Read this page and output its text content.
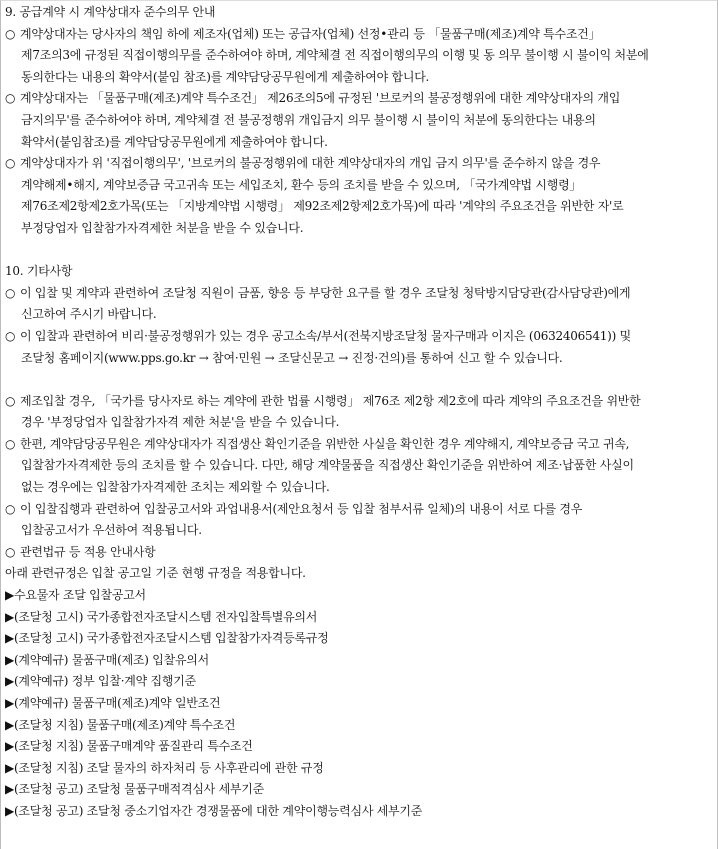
9. 공급계약 시 계약상대자 준수의무 안내
○ 계약상대자는 당사자의 책임 하에 제조자(업체) 또는 공급자(업체) 선정•관리 등 「물품구매(제조)계약 특수조건」
제7조의3에 규정된 직접이행의무를 준수하여야 하며, 계약체결 전 직접이행의무의 이행 및 동 의무 불이행 시 불이익 처분에
동의한다는 내용의 확약서(붙임 참조)를 계약담당공무원에게 제출하여야 합니다.
○ 계약상대자는 「물품구매(제조)계약 특수조건」 제26조의5에 규정된 '브로커의 불공정행위에 대한 계약상대자의 개입
금지의무'를 준수하여야 하며, 계약체결 전 불공정행위 개입금지 의무 불이행 시 불이익 처분에 동의한다는 내용의
확약서(붙임참조)를 계약담당공무원에게 제출하여야 합니다.
○ 계약상대자가 위 '직접이행의무', '브로커의 불공정행위에 대한 계약상대자의 개입 금지 의무'를 준수하지 않을 경우
계약해제•해지, 계약보증금 국고귀속 또는 세입조치, 환수 등의 조치를 받을 수 있으며, 「국가계약법 시행령」
제76조제2항제2호가목(또는 「지방계약법 시행령」 제92조제2항제2호가목)에 따라 '계약의 주요조건을 위반한 자'로
부정당업자 입찰참가자격제한 처분을 받을 수 있습니다.
10. 기타사항
○ 이 입찰 및 계약과 관련하여 조달청 직원이 금품, 향응 등 부당한 요구를 할 경우 조달청 청탁방지담당관(감사담당관)에게
신고하여 주시기 바랍니다.
○ 이 입찰과 관련하여 비리·불공정행위가 있는 경우 공고소속/부서(전북지방조달청 물자구매과 이지은 (0632406541)) 및
조달청 홈페이지(www.pps.go.kr → 참여·민원 → 조달신문고 → 진정·건의)를 통하여 신고 할 수 있습니다.
○ 제조입찰 경우, 「국가를 당사자로 하는 계약에 관한 법률 시행령」 제76조 제2항 제2호에 따라 계약의 주요조건을 위반한
경우 '부정당업자 입찰참가자격 제한 처분'을 받을 수 있습니다.
○ 한편, 계약담당공무원은 계약상대자가 직접생산 확인기준을 위반한 사실을 확인한 경우 계약해지, 계약보증금 국고 귀속,
입찰참가자격제한 등의 조치를 할 수 있습니다. 다만, 해당 계약물품을 직접생산 확인기준을 위반하여 제조·납품한 사실이
없는 경우에는 입찰참가자격제한 조치는 제외할 수 있습니다.
○ 이 입찰집행과 관련하여 입찰공고서와 과업내용서(제안요청서 등 입찰 첨부서류 일체)의 내용이 서로 다를 경우
입찰공고서가 우선하여 적용됩니다.
○ 관련법규 등 적용 안내사항
아래 관련규정은 입찰 공고일 기준 현행 규정을 적용합니다.
▶수요물자 조달 입찰공고서
▶(조달청 고시) 국가종합전자조달시스템 전자입찰특별유의서
▶(조달청 고시) 국가종합전자조달시스템 입찰참가자격등록규정
▶(계약예규) 물품구매(제조) 입찰유의서
▶(계약예규) 정부 입찰·계약 집행기준
▶(계약예규) 물품구매(제조)계약 일반조건
▶(조달청 지침) 물품구매(제조)계약 특수조건
▶(조달청 지침) 물품구매계약 품질관리 특수조건
▶(조달청 지침) 조달 물자의 하자처리 등 사후관리에 관한 규정
▶(조달청 공고) 조달청 물품구매적격심사 세부기준
▶(조달청 공고) 조달청 중소기업자간 경쟁물품에 대한 계약이행능력심사 세부기준
